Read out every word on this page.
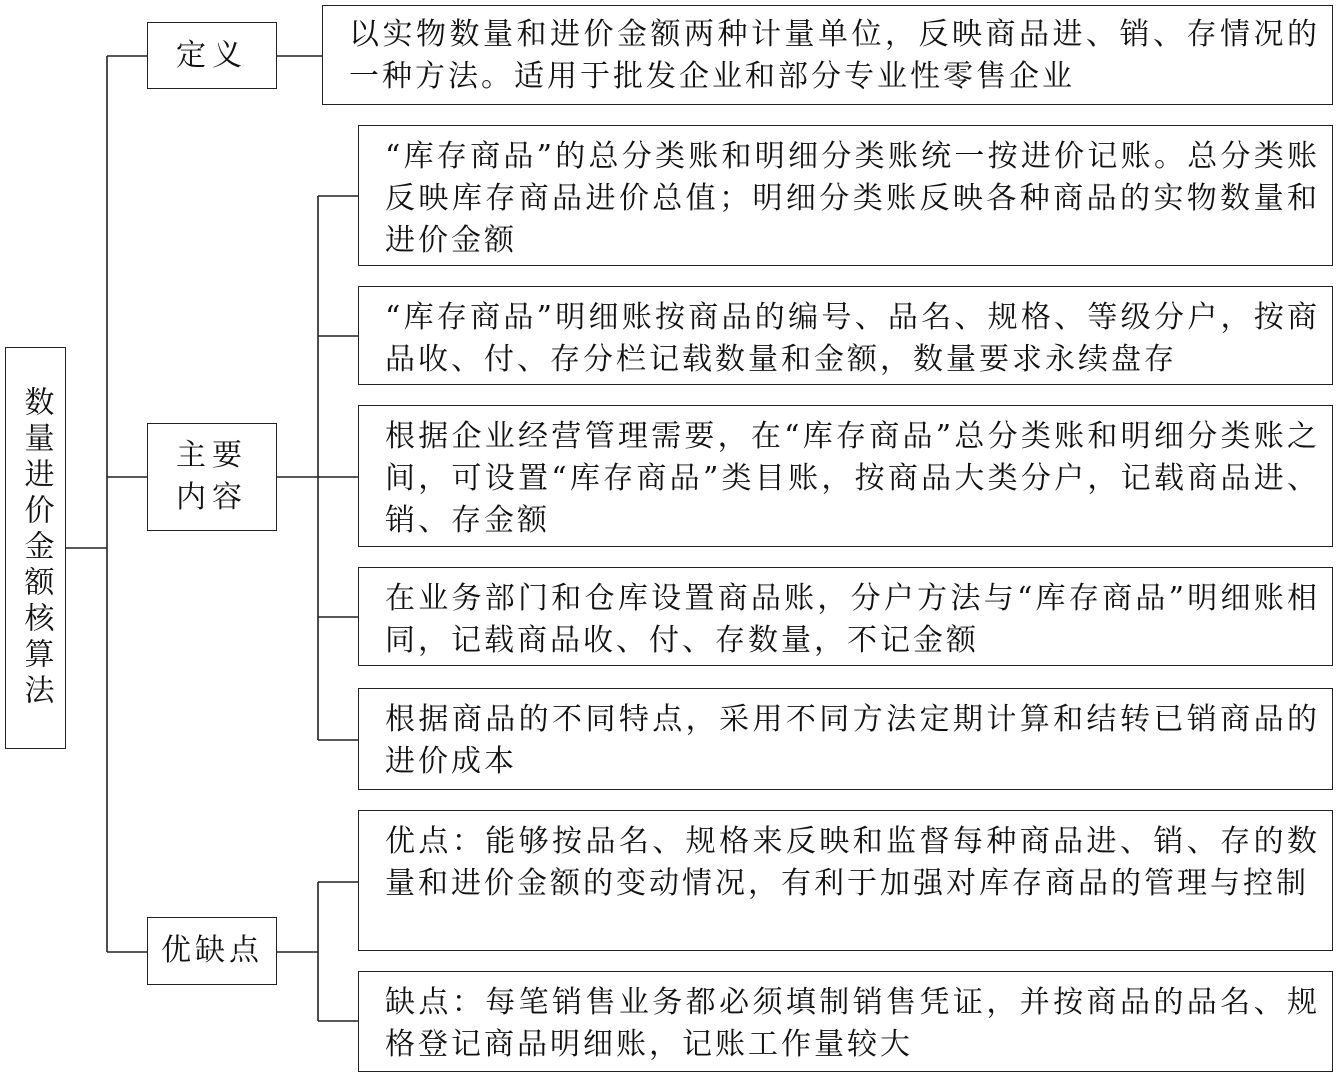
数量进价金额核算法
定义
以实物数量和进价金额两种计量单位，反映商品进、销、存情况的一种方法。适用于批发企业和部分专业性零售企业
主要内容
“库存商品”的总分类账和明细分类账统一按进价记账。总分类账反映库存商品进价总值；明细分类账反映各种商品的实物数量和进价金额
“库存商品”明细账按商品的编号、品名、规格、等级分户，按商品收、付、存分栏记载数量和金额，数量要求永续盘存
根据企业经营管理需要，在“库存商品”总分类账和明细分类账之间，可设置“库存商品”类目账，按商品大类分户，记载商品进、销、存金额
在业务部门和仓库设置商品账，分户方法与“库存商品”明细账相同，记载商品收、付、存数量，不记金额
根据商品的不同特点，采用不同方法定期计算和结转已销商品的进价成本
优缺点
优点：能够按品名、规格来反映和监督每种商品进、销、存的数量和进价金额的变动情况，有利于加强对库存商品的管理与控制
缺点：每笔销售业务都必须填制销售凭证，并按商品的品名、规格登记商品明细账，记账工作量较大
